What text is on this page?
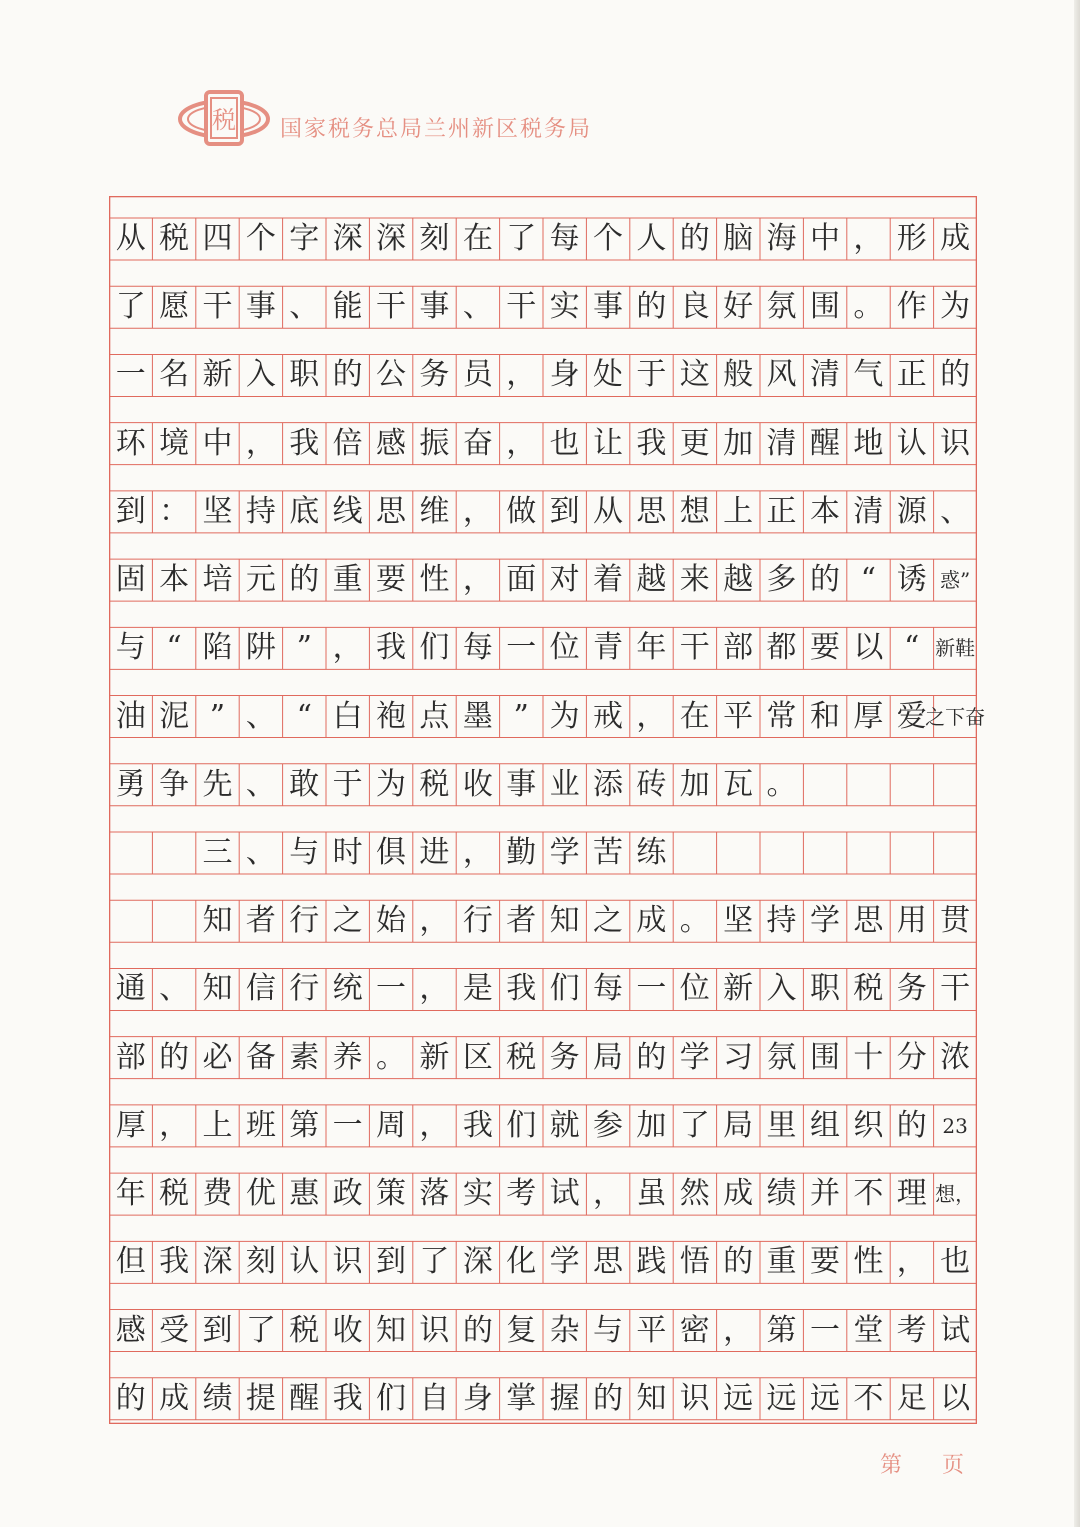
税 国家税务总局兰州新区税务局
从 税 四 个 字 深 深 刻 在 了 每 个 人 的 脑 海 中 ， 形 成
了 愿 干 事 、 能 干 事 、 干 实 事 的 良 好 氛 围 。 作 为
一 名 新 入 职 的 公 务 员 ， 身 处 于 这 般 风 清 气 正 的
环 境 中 ， 我 倍 感 振 奋 ， 也 让 我 更 加 清 醒 地 认 识
到 ： 坚 持 底 线 思 维 ， 做 到 从 思 想 上 正 本 清 源 、
固 本 培 元 的 重 要 性 ， 面 对 着 越 来 越 多 的 “ 诱 惑”
与 “ 陷 阱 ” ， 我 们 每 一 位 青 年 干 部 都 要 以 “ 新鞋
油 泥 ” 、 “ 白 袍 点 墨 ” 为 戒 ， 在 平 常 和 厚 爱
之下奋
勇 争 先 、 敢 于 为 税 收 事 业 添 砖 加 瓦 。

三 、 与 时 俱 进 ， 勤 学 苦 练

知 者 行 之 始 ， 行 者 知 之 成 。 坚 持 学 思 用 贯
通 、 知 信 行 统 一 ， 是 我 们 每 一 位 新 入 职 税 务 干
部 的 必 备 素 养 。 新 区 税 务 局 的 学 习 氛 围 十 分 浓
厚 ， 上 班 第 一 周 ， 我 们 就 参 加 了 局 里 组 织 的 23
年 税 费 优 惠 政 策 落 实 考 试 ， 虽 然 成 绩 并 不 理 想，
但 我 深 刻 认 识 到 了 深 化 学 思 践 悟 的 重 要 性 ， 也
感 受 到 了 税 收 知 识 的 复 杂 与 平 密 ， 第 一 堂 考 试
的 成 绩 提 醒 我 们 自 身 掌 握 的 知 识 远 远 远 不 足 以
第 页
